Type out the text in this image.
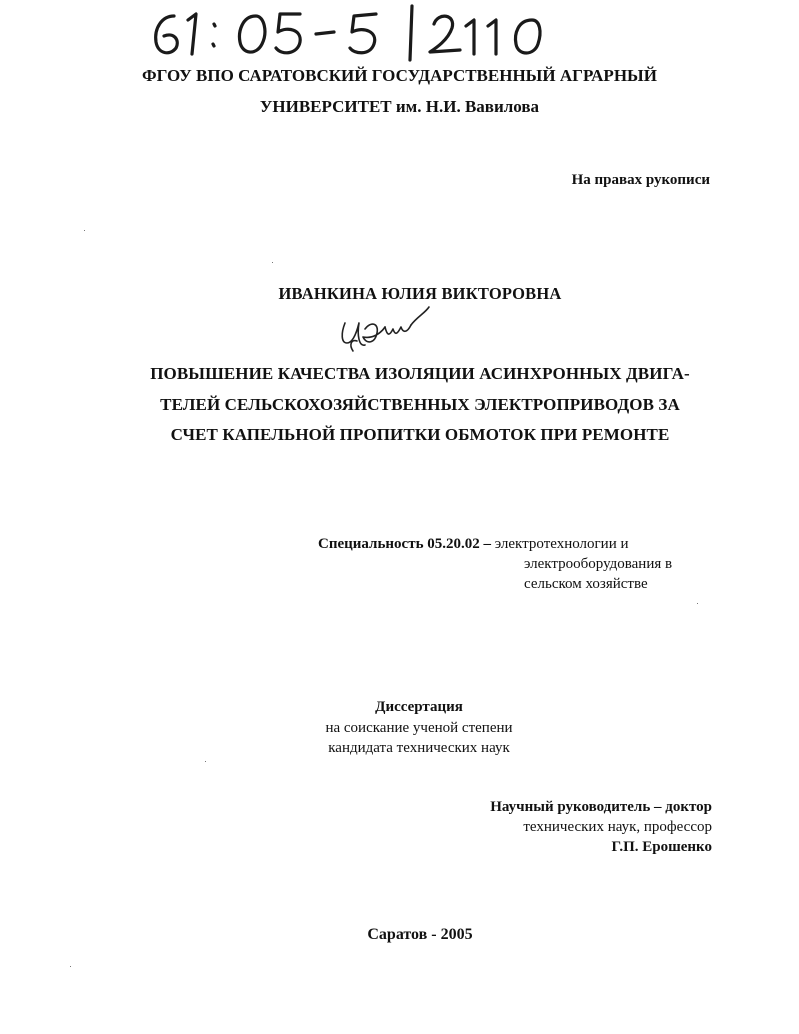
ФГОУ ВПО САРАТОВСКИЙ ГОСУДАРСТВЕННЫЙ АГРАРНЫЙ
УНИВЕРСИТЕТ им. Н.И. Вавилова
На правах рукописи
ИВАНКИНА ЮЛИЯ ВИКТОРОВНА
ПОВЫШЕНИЕ КАЧЕСТВА ИЗОЛЯЦИИ АСИНХРОННЫХ ДВИГА-
ТЕЛЕЙ СЕЛЬСКОХОЗЯЙСТВЕННЫХ ЭЛЕКТРОПРИВОДОВ ЗА
СЧЕТ КАПЕЛЬНОЙ ПРОПИТКИ ОБМОТОК ПРИ РЕМОНТЕ
Специальность 05.20.02 – электротехнологии и
электрооборудования в
сельском хозяйстве
Диссертация
на соискание ученой степени
кандидата технических наук
Научный руководитель – доктор
технических наук, профессор
Г.П. Ерошенко
Саратов - 2005
